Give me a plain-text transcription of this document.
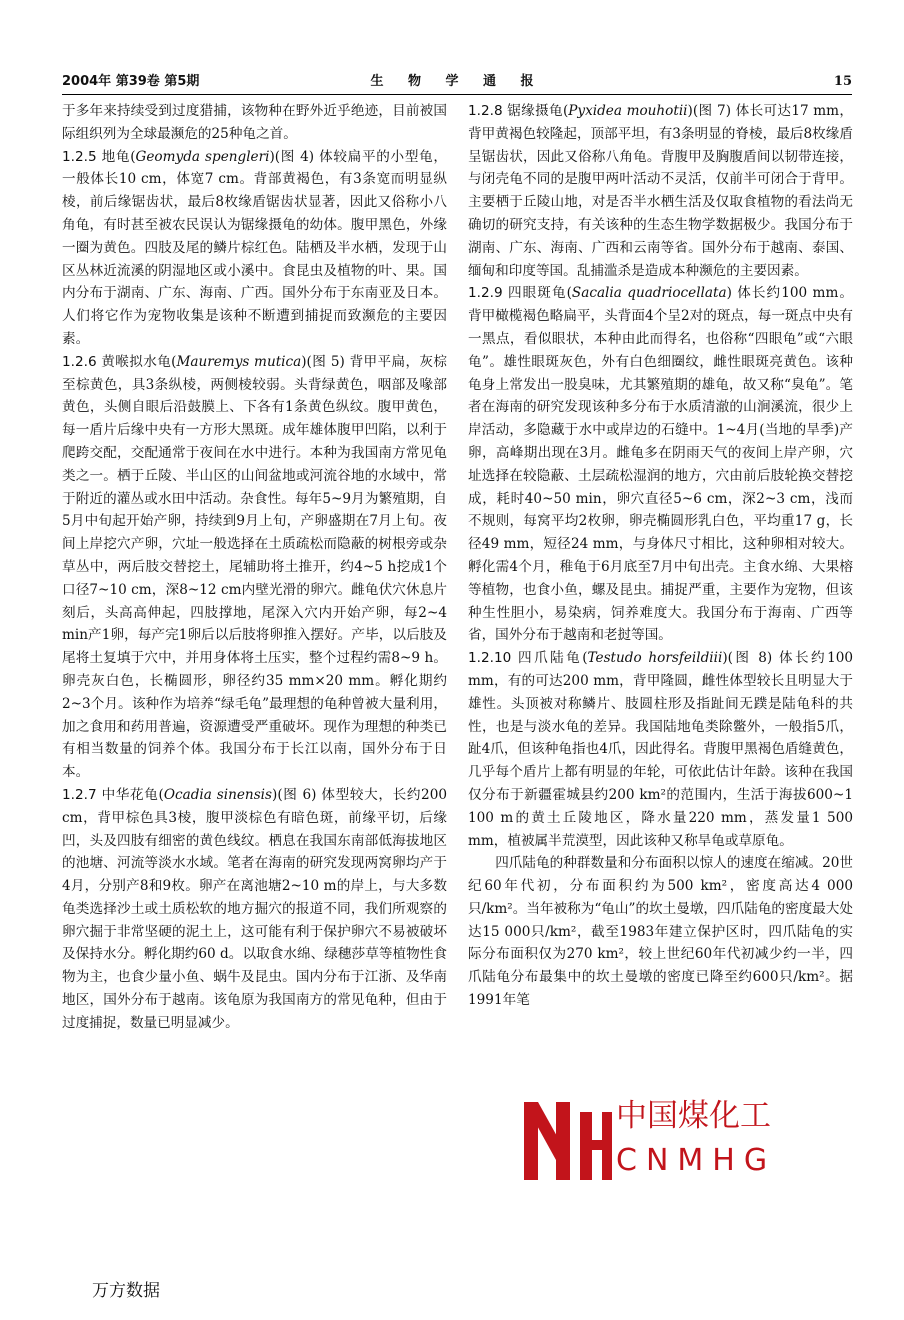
2004年 第39卷 第5期	生 物 学 通 报	15

于多年来持续受到过度猎捕，该物种在野外近乎绝迹，目前被国际组织列为全球最濒危的25种龟之首。

1.2.5 地龟(Geomyda spengleri)(图 4) 体较扁平的小型龟，一般体长10 cm，体宽7 cm。背部黄褐色，有3条宽而明显纵棱，前后缘锯齿状，最后8枚缘盾锯齿状显著，因此又俗称小八角龟，有时甚至被农民误认为锯缘摄龟的幼体。腹甲黑色，外缘一圈为黄色。四肢及尾的鳞片棕红色。陆栖及半水栖，发现于山区丛林近流溪的阴湿地区或小溪中。食昆虫及植物的叶、果。国内分布于湖南、广东、海南、广西。国外分布于东南亚及日本。人们将它作为宠物收集是该种不断遭到捕捉而致濒危的主要因素。

1.2.6 黄喉拟水龟(Mauremys mutica)(图 5) 背甲平扁，灰棕至棕黄色，具3条纵棱，两侧棱较弱。头背绿黄色，咽部及喙部黄色，头侧自眼后沿鼓膜上、下各有1条黄色纵纹。腹甲黄色，每一盾片后缘中央有一方形大黑斑。成年雄体腹甲凹陷，以利于爬跨交配，交配通常于夜间在水中进行。本种为我国南方常见龟类之一。栖于丘陵、半山区的山间盆地或河流谷地的水域中，常于附近的灌丛或水田中活动。杂食性。每年5~9月为繁殖期，自5月中旬起开始产卵，持续到9月上旬，产卵盛期在7月上旬。夜间上岸挖穴产卵，穴址一般选择在土质疏松而隐蔽的树根旁或杂草丛中，两后肢交替挖土，尾辅助将土推开，约4~5 h挖成1个口径7~10 cm，深8~12 cm内壁光滑的卵穴。雌龟伏穴休息片刻后，头高高伸起，四肢撑地，尾深入穴内开始产卵，每2~4 min产1卵，每产完1卵后以后肢将卵推入摆好。产毕，以后肢及尾将土复填于穴中，并用身体将土压实，整个过程约需8~9 h。卵壳灰白色，长椭圆形，卵径约35 mm×20 mm。孵化期约2~3个月。该种作为培养“绿毛龟”最理想的龟种曾被大量利用，加之食用和药用普遍，资源遭受严重破坏。现作为理想的种类已有相当数量的饲养个体。我国分布于长江以南，国外分布于日本。

1.2.7 中华花龟(Ocadia sinensis)(图 6) 体型较大，长约200 cm，背甲棕色具3棱，腹甲淡棕色有暗色斑，前缘平切，后缘凹，头及四肢有细密的黄色线纹。栖息在我国东南部低海拔地区的池塘、河流等淡水水域。笔者在海南的研究发现两窝卵均产于4月，分别产8和9枚。卵产在离池塘2~10 m的岸上，与大多数龟类选择沙土或土质松软的地方掘穴的报道不同，我们所观察的卵穴掘于非常坚硬的泥土上，这可能有利于保护卵穴不易被破坏及保持水分。孵化期约60 d。以取食水绵、绿穗莎草等植物性食物为主，也食少量小鱼、蜗牛及昆虫。国内分布于江浙、及华南地区，国外分布于越南。该龟原为我国南方的常见龟种，但由于过度捕捉，数量已明显减少。

1.2.8 锯缘摄龟(Pyxidea mouhotii)(图 7) 体长可达17 mm，背甲黄褐色较隆起，顶部平坦，有3条明显的脊棱，最后8枚缘盾呈锯齿状，因此又俗称八角龟。背腹甲及胸腹盾间以韧带连接，与闭壳龟不同的是腹甲两叶活动不灵活，仅前半可闭合于背甲。主要栖于丘陵山地，对是否半水栖生活及仅取食植物的看法尚无确切的研究支持，有关该种的生态生物学数据极少。我国分布于湖南、广东、海南、广西和云南等省。国外分布于越南、泰国、缅甸和印度等国。乱捕滥杀是造成本种濒危的主要因素。

1.2.9 四眼斑龟(Sacalia quadriocellata) 体长约100 mm。背甲橄榄褐色略扁平，头背面4个呈2对的斑点，每一斑点中央有一黑点，看似眼状，本种由此而得名，也俗称“四眼龟”或“六眼龟”。雄性眼斑灰色，外有白色细圈纹，雌性眼斑亮黄色。该种龟身上常发出一股臭味，尤其繁殖期的雄龟，故又称“臭龟”。笔者在海南的研究发现该种多分布于水质清澈的山涧溪流，很少上岸活动，多隐藏于水中或岸边的石缝中。1~4月(当地的旱季)产卵，高峰期出现在3月。雌龟多在阴雨天气的夜间上岸产卵，穴址选择在较隐蔽、土层疏松湿润的地方，穴由前后肢轮换交替挖成，耗时40~50 min，卵穴直径5~6 cm，深2~3 cm，浅而不规则，每窝平均2枚卵，卵壳椭圆形乳白色，平均重17 g，长径49 mm，短径24 mm，与身体尺寸相比，这种卵相对较大。孵化需4个月，稚龟于6月底至7月中旬出壳。主食水绵、大果榕等植物，也食小鱼，螺及昆虫。捕捉严重，主要作为宠物，但该种生性胆小，易染病，饲养难度大。我国分布于海南、广西等省，国外分布于越南和老挝等国。

1.2.10 四爪陆龟(Testudo horsfeildiii)(图 8) 体长约100 mm，有的可达200 mm，背甲隆圆，雌性体型较长且明显大于雄性。头顶被对称鳞片、肢圆柱形及指趾间无蹼是陆龟科的共性，也是与淡水龟的差异。我国陆地龟类除鳖外，一般指5爪，趾4爪，但该种龟指也4爪，因此得名。背腹甲黑褐色盾缝黄色，几乎每个盾片上都有明显的年轮，可依此估计年龄。该种在我国仅分布于新疆霍城县约200 km²的范围内，生活于海拔600~1 100 m的黄土丘陵地区，降水量220 mm，蒸发量1 500 mm，植被属半荒漠型，因此该种又称旱龟或草原龟。

四爪陆龟的种群数量和分布面积以惊人的速度在缩减。20世纪60年代初，分布面积约为500 km²，密度高达4 000只/km²。当年被称为“龟山”的坎土曼墩，四爪陆龟的密度最大处达15 000只/km²，截至1983年建立保护区时，四爪陆龟的实际分布面积仅为270 km²，较上世纪60年代初减少约一半，四爪陆龟分布最集中的坎土曼墩的密度已降至约600只/km²。据1991年笔

中国煤化工
CNMHG
万方数据
